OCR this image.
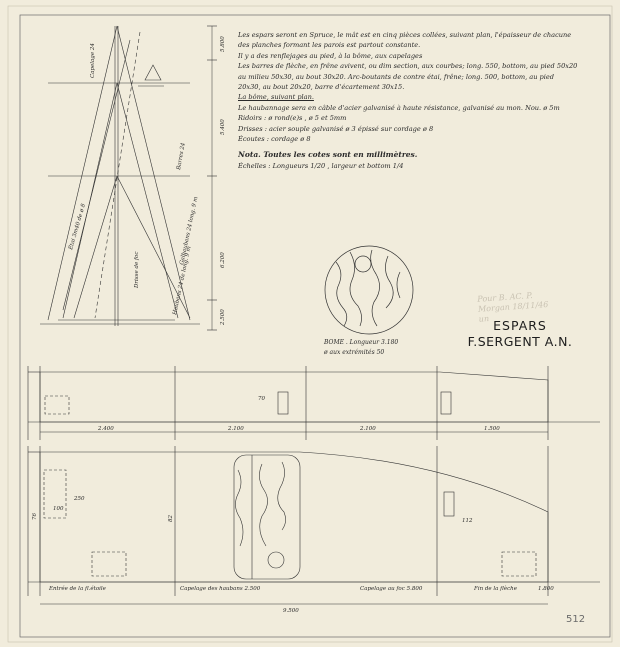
Capelage 24
Étai 3m40 de ø 8
Drisse de foc
Barres 24
Galhaubans 24 long. 9 m
Haubans 24 de long. 9 m
5.800
5.400
6.200
2.500
2.400	2.100	2.100	1.500
Entrée de la fl.étoile	Capelage des haubans 2.500	Capelage au foc 5.800	Fin de la flèche	1.800
9.500
76
100
82	112
250
70
Les espars seront en Spruce, le mât est en cinq pièces collées, suivant plan, l'épaisseur de chacune
des planches formant les parois est partout constante.
Il y a des renflejages au pied, à la bôme, aux capelages
Les barres de flèche, en frêne avivent, ou dim section, aux courbes; long. 550, bottom, au pied 50x20
au milieu 50x30, au bout 30x20. Arc-boutants de contre étai, frêne; long. 500, bottom, au pied
20x30, au bout 20x20, barre d'écartement 30x15.
La bôme, suivant plan.
Le haubannage sera en câble d'acier galvanisé à haute résistance, galvanisé au mon. Nou. ø 5m
Ridoirs : ø rond(e)s , ø 5 et 5mm
Drisses : acier souple galvanisé ø 3 épissé sur cordage ø 8
Écoutes : cordage ø 8
Nota. Toutes les cotes sont en millimètres.
Échelles : Longueurs 1/20 , largeur et bottom 1/4
Pour B. AC. P. Morgan 18/11/46 un
BOME . Longueur 3.180
ø aux extrémités 50
ESPARS
F.SERGENT A.N.
512
